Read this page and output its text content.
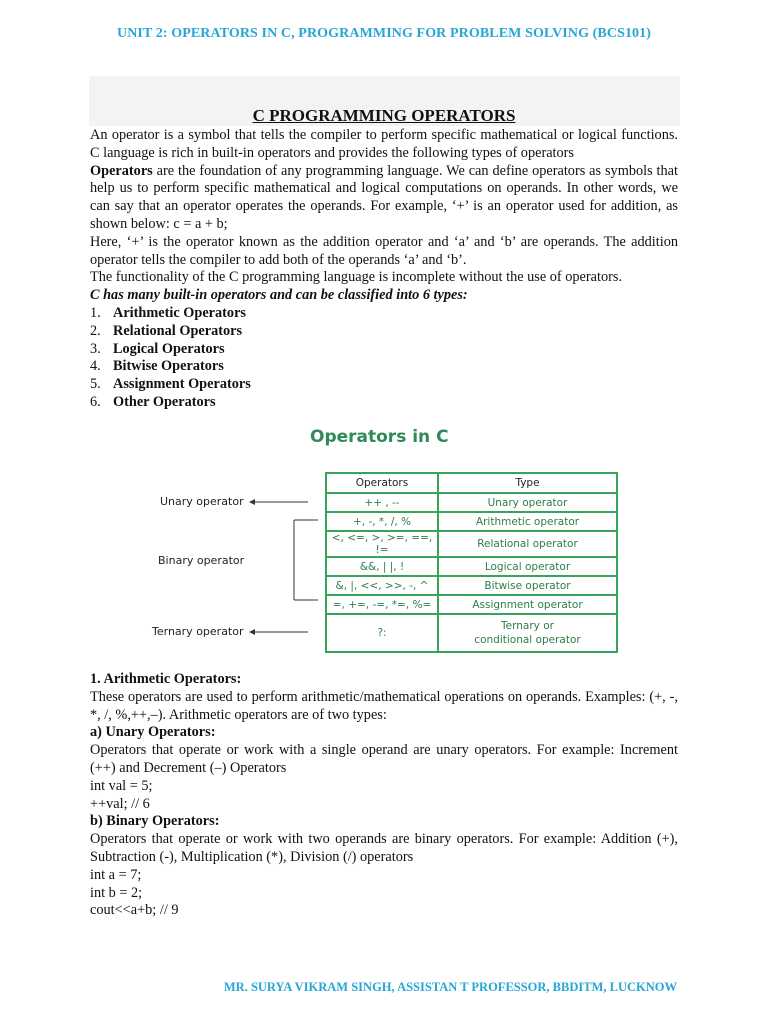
UNIT 2: OPERATORS IN C, PROGRAMMING FOR PROBLEM SOLVING (BCS101)
C PROGRAMMING OPERATORS

An operator is a symbol that tells the compiler to perform specific mathematical or logical functions. C language is rich in built-in operators and provides the following types of operators

Operators are the foundation of any programming language. We can define operators as symbols that help us to perform specific mathematical and logical computations on operands. In other words, we can say that an operator operates the operands. For example, ‘+’ is an operator used for addition, as shown below: c = a + b;

Here, ‘+’ is the operator known as the addition operator and ‘a’ and ‘b’ are operands. The addition operator tells the compiler to add both of the operands ‘a’ and ‘b’.

The functionality of the C programming language is incomplete without the use of operators.

C has many built-in operators and can be classified into 6 types:

1. Arithmetic Operators
2. Relational Operators
3. Logical Operators
4. Bitwise Operators
5. Assignment Operators
6. Other Operators
Operators in C
Unary operator
Binary operator
Ternary operator
Operators	Type
++ , --	Unary operator
+, -, *, /, %	Arithmetic operator
<, <=, >, >=, ==, !=	Relational operator
&&, | |, !	Logical operator
&, |, <<, >>, -, ^	Bitwise operator
=, +=, -=, *=, %=	Assignment operator
?:	Ternary or
conditional operator

1. Arithmetic Operators:

These operators are used to perform arithmetic/mathematical operations on operands. Examples: (+, -, *, /, %,++,–). Arithmetic operators are of two types:

a) Unary Operators:

Operators that operate or work with a single operand are unary operators. For example: Increment (++) and Decrement (–) Operators

int val = 5;

++val; // 6

b) Binary Operators:

Operators that operate or work with two operands are binary operators. For example: Addition (+), Subtraction (-), Multiplication (*), Division (/) operators

int a = 7;

int b = 2;

cout<<a+b; // 9

MR. SURYA VIKRAM SINGH, ASSISTAN T PROFESSOR, BBDITM, LUCKNOW
